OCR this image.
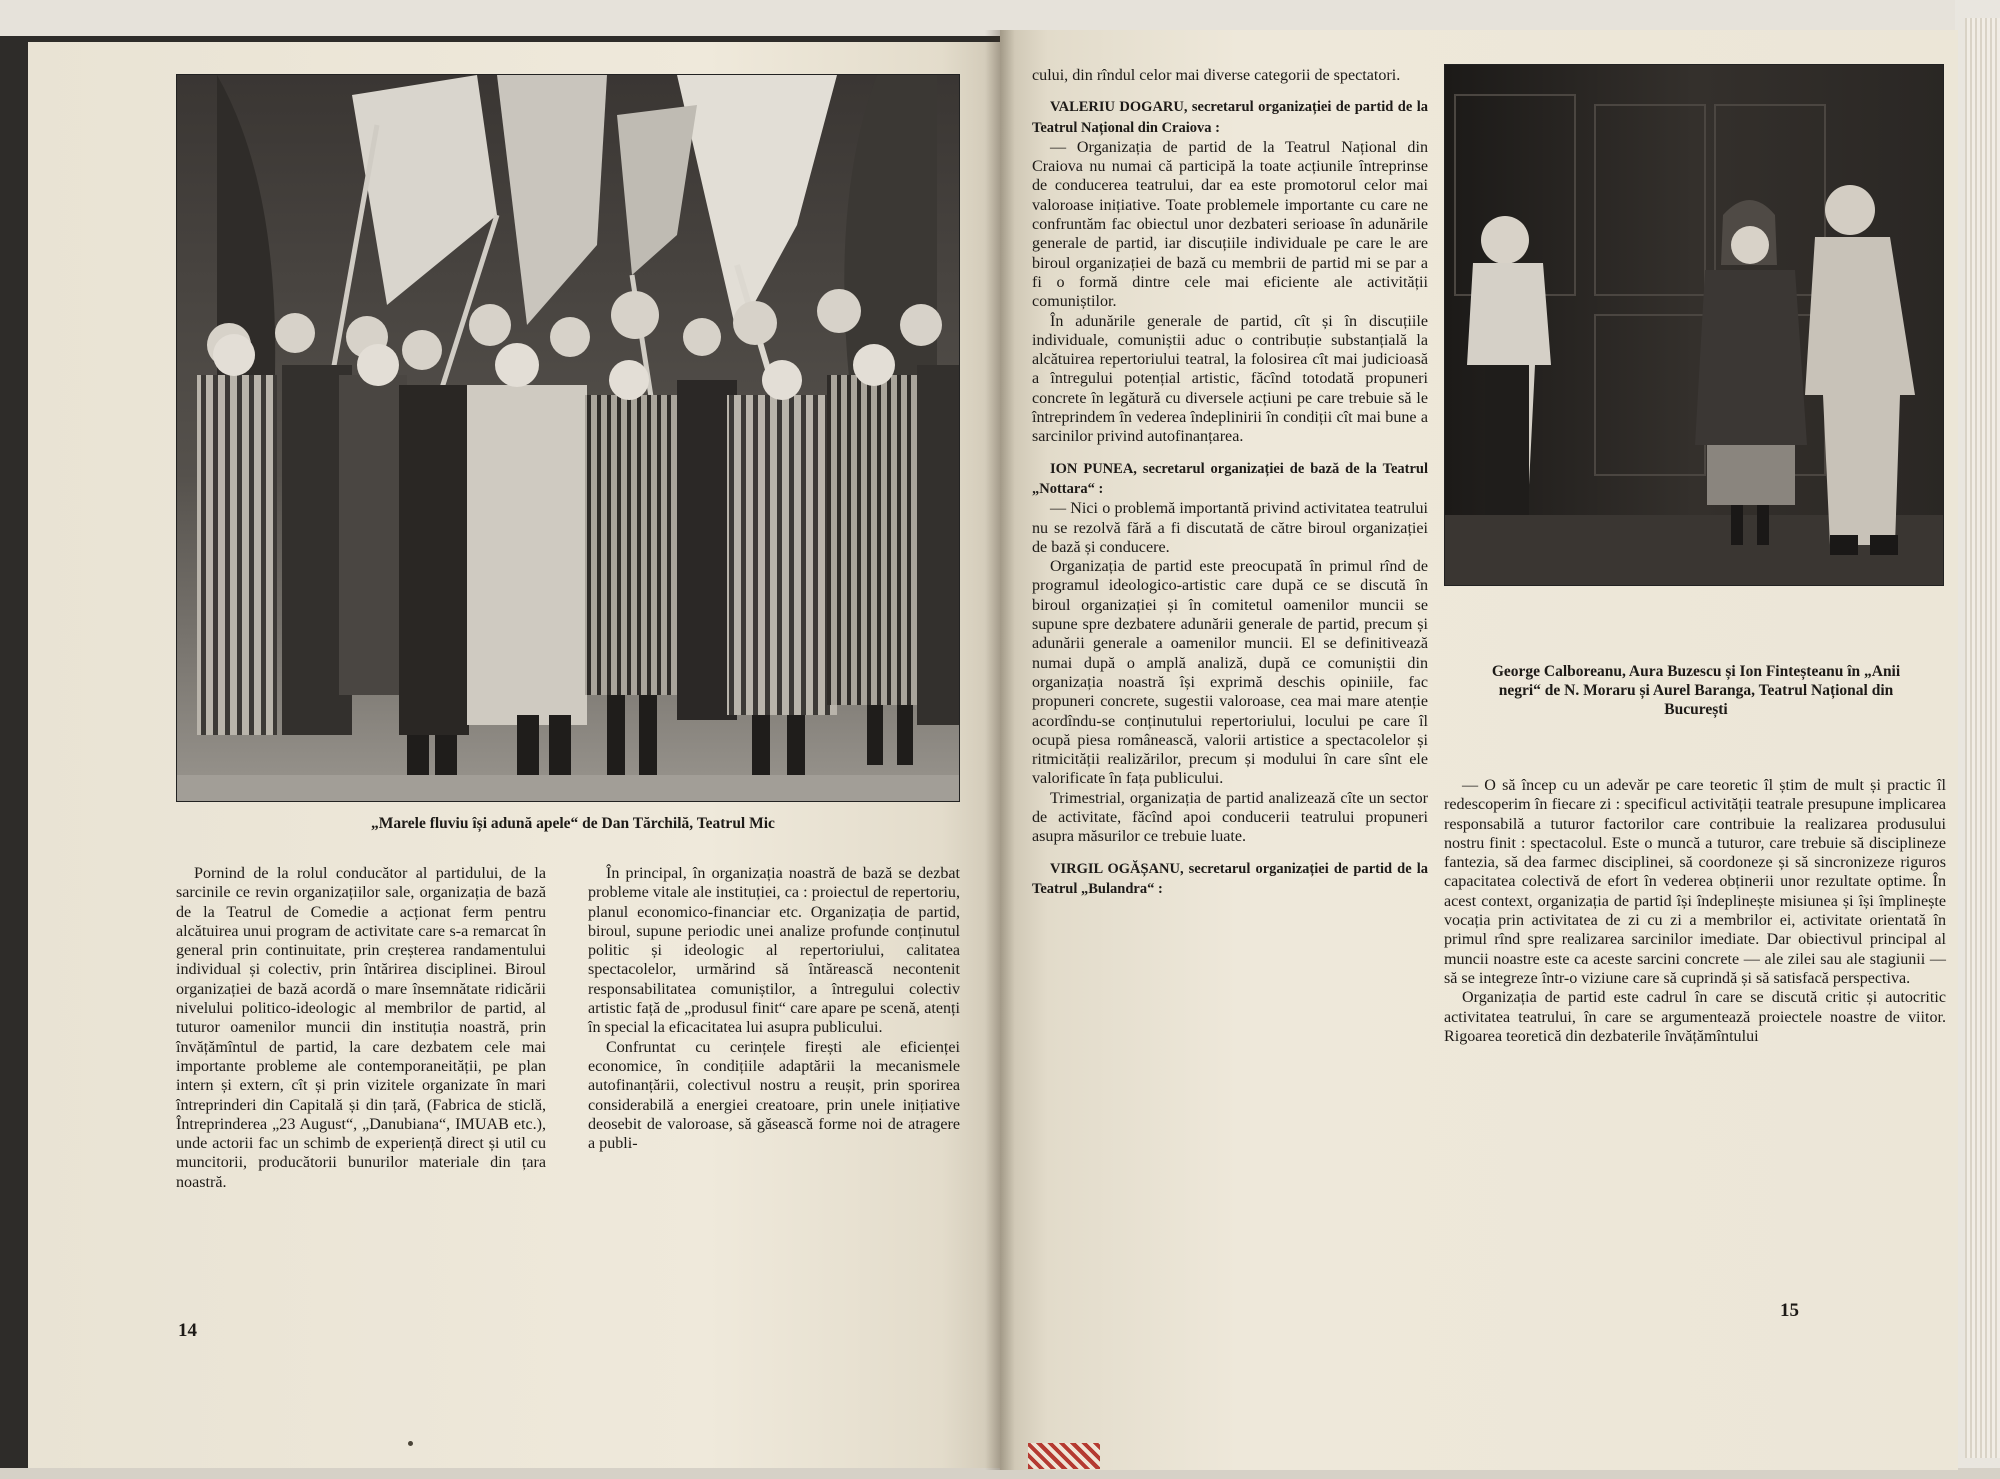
„Marele fluviu își adună apele“ de Dan Tărchilă, Teatrul Mic

Pornind de la rolul conducător al partidului, de la sarcinile ce revin organizațiilor sale, organizația de bază de la Teatrul de Comedie a acționat ferm pentru alcătuirea unui program de activitate care s-a remarcat în general prin continuitate, prin creșterea randamentului individual și colectiv, prin întărirea disciplinei. Biroul organizației de bază acordă o mare însemnătate ridicării nivelului politico-ideologic al membrilor de partid, al tuturor oamenilor muncii din instituția noastră, prin învățămîntul de partid, la care dezbatem cele mai importante probleme ale contemporaneității, pe plan intern și extern, cît și prin vizitele organizate în mari întreprinderi din Capitală și din țară, (Fabrica de sticlă, Întreprinderea „23 August“, „Danubiana“, IMUAB etc.), unde actorii fac un schimb de experiență direct și util cu muncitorii, producătorii bunurilor materiale din țara noastră.

În principal, în organizația noastră de bază se dezbat probleme vitale ale instituției, ca : proiectul de repertoriu, planul economico-financiar etc. Organizația de partid, biroul, supune periodic unei analize profunde conținutul politic și ideologic al repertoriului, calitatea spectacolelor, urmărind să întărească necontenit responsabilitatea comuniștilor, a întregului colectiv artistic față de „produsul finit“ care apare pe scenă, atenți în special la eficacitatea lui asupra publicului.

Confruntat cu cerințele firești ale eficienței economice, în condițiile adaptării la mecanismele autofinanțării, colectivul nostru a reușit, prin sporirea considerabilă a energiei creatoare, prin unele inițiative deosebit de valoroase, să găsească forme noi de atragere a publi-

14

cului, din rîndul celor mai diverse categorii de spectatori.

VALERIU DOGARU, secretarul organizației de partid de la Teatrul Național din Craiova :

— Organizația de partid de la Teatrul Național din Craiova nu numai că participă la toate acțiunile întreprinse de conducerea teatrului, dar ea este promotorul celor mai valoroase inițiative. Toate problemele importante cu care ne confruntăm fac obiectul unor dezbateri serioase în adunările generale de partid, iar discuțiile individuale pe care le are biroul organizației de bază cu membrii de partid mi se par a fi o formă dintre cele mai eficiente ale activității comuniștilor.

În adunările generale de partid, cît și în discuțiile individuale, comuniștii aduc o contribuție substanțială la alcătuirea repertoriului teatral, la folosirea cît mai judicioasă a întregului potențial artistic, făcînd totodată propuneri concrete în legătură cu diversele acțiuni pe care trebuie să le întreprindem în vederea îndeplinirii în condiții cît mai bune a sarcinilor privind autofinanțarea.

ION PUNEA, secretarul organizației de bază de la Teatrul „Nottara“ :

— Nici o problemă importantă privind activitatea teatrului nu se rezolvă fără a fi discutată de către biroul organizației de bază și conducere.

Organizația de partid este preocupată în primul rînd de programul ideologico-artistic care după ce se discută în biroul organizației și în comitetul oamenilor muncii se supune spre dezbatere adunării generale de partid, precum și adunării generale a oamenilor muncii. El se definitivează numai după o amplă analiză, după ce comuniștii din organizația noastră își exprimă deschis opiniile, fac propuneri concrete, sugestii valoroase, cea mai mare atenție acordîndu-se conținutului repertoriului, locului pe care îl ocupă piesa românească, valorii artistice a spectacolelor și ritmicității realizărilor, precum și modului în care sînt ele valorificate în fața publicului.

Trimestrial, organizația de partid analizează cîte un sector de activitate, făcînd apoi conducerii teatrului propuneri asupra măsurilor ce trebuie luate.

VIRGIL OGĂȘANU, secretarul organizației de partid de la Teatrul „Bulandra“ :

George Calboreanu, Aura Buzescu și Ion Finteșteanu în „Anii negri“ de N. Moraru și Aurel Baranga, Teatrul Național din București

— O să încep cu un adevăr pe care teoretic îl știm de mult și practic îl redescoperim în fiecare zi : specificul activității teatrale presupune implicarea responsabilă a tuturor factorilor care contribuie la realizarea produsului nostru finit : spectacolul. Este o muncă a tuturor, care trebuie să disciplineze fantezia, să dea farmec disciplinei, să coordoneze și să sincronizeze riguros capacitatea colectivă de efort în vederea obținerii unor rezultate optime. În acest context, organizația de partid își îndeplinește misiunea și își împlinește vocația prin activitatea de zi cu zi a membrilor ei, activitate orientată în primul rînd spre realizarea sarcinilor imediate. Dar obiectivul principal al muncii noastre este ca acestе sarcini concrete — ale zilei sau ale stagiunii — să se integreze într-o viziune care să cuprindă și să satisfacă perspectiva.

Organizația de partid este cadrul în care se discută critic și autocritic activitatea teatrului, în care se argumentează proiectele noastre de viitor. Rigoarea teoretică din dezbaterile învățămîntului

15
